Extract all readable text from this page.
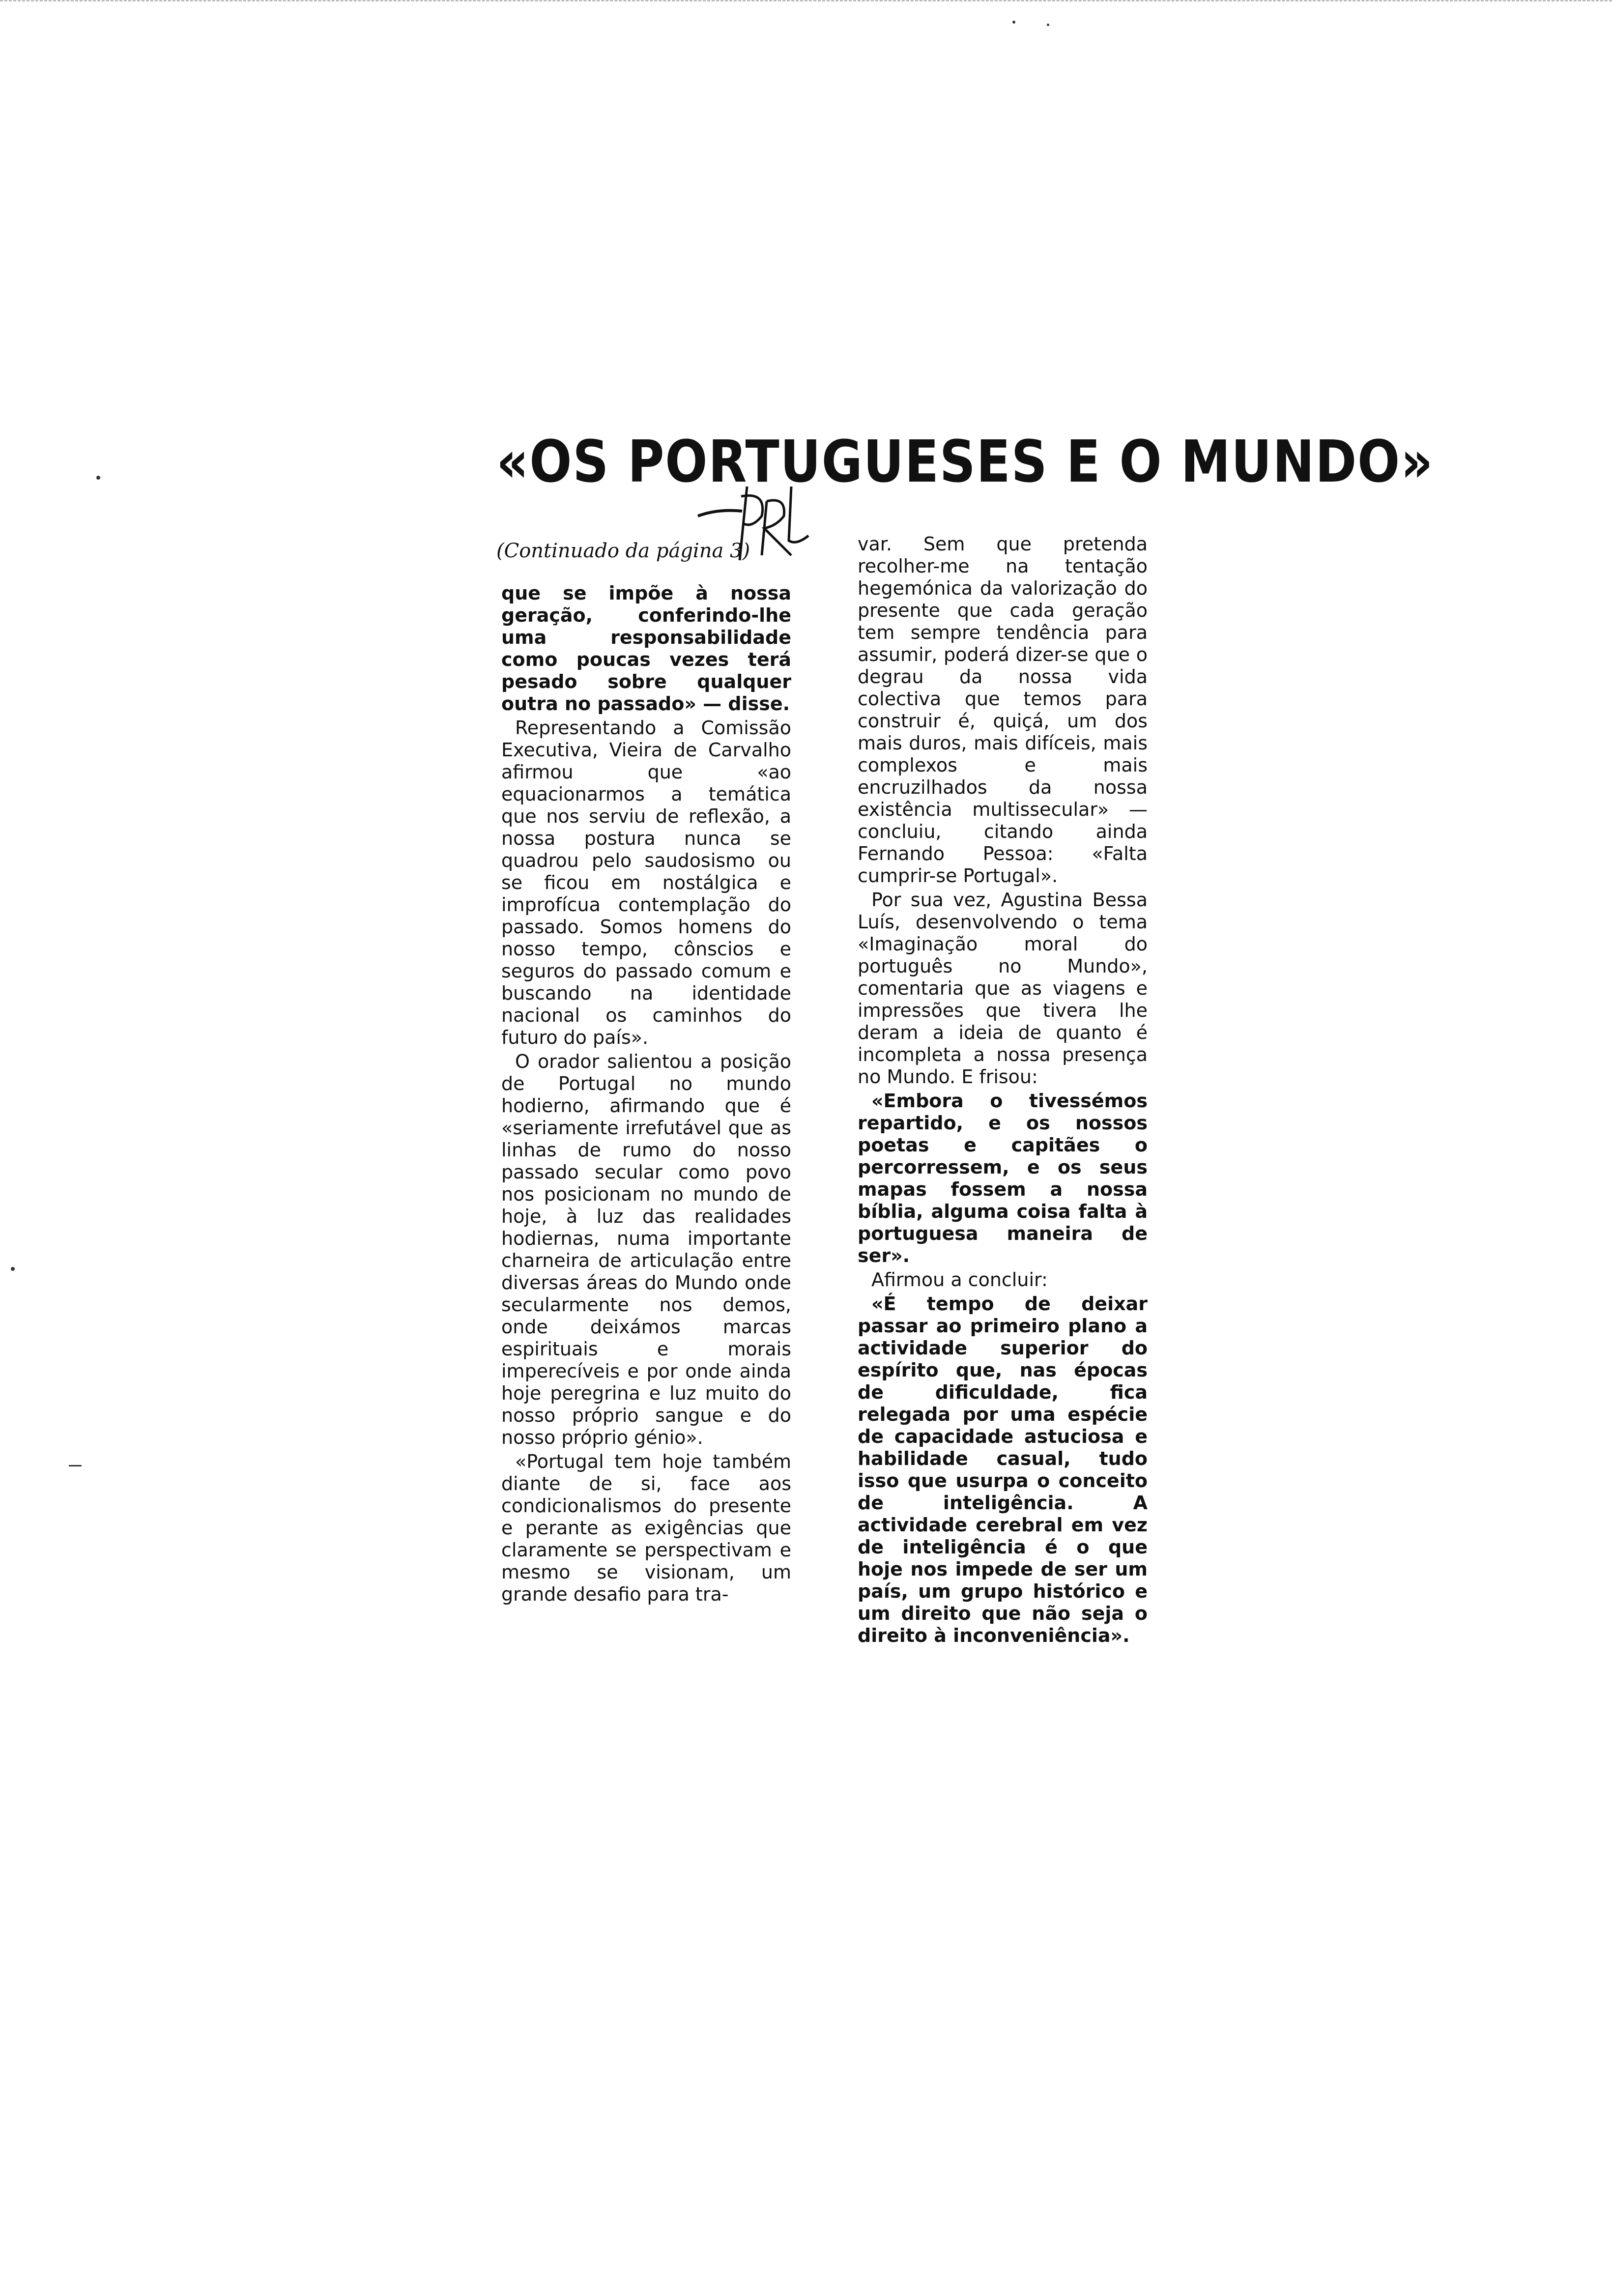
«OS PORTUGUESES E O MUNDO»
(Continuado da página 3)

que se impõe à nossa geração, conferindo-lhe uma responsabilidade como poucas vezes terá pesado sobre qualquer outra no passado» — disse.

Representando a Comissão Executiva, Vieira de Carvalho afirmou que «ao equacionarmos a temática que nos serviu de reflexão, a nossa postura nunca se quadrou pelo saudosismo ou se ficou em nostálgica e improfícua contemplação do passado. Somos homens do nosso tempo, cônscios e seguros do passado comum e buscando na identidade nacional os caminhos do futuro do país».

O orador salientou a posição de Portugal no mundo hodierno, afirmando que é «seriamente irrefutável que as linhas de rumo do nosso passado secular como povo nos posicionam no mundo de hoje, à luz das realidades hodiernas, numa importante charneira de articulação entre diversas áreas do Mundo onde secularmente nos demos, onde deixámos marcas espirituais e morais imperecíveis e por onde ainda hoje peregrina e luz muito do nosso próprio sangue e do nosso próprio génio».

«Portugal tem hoje também diante de si, face aos condicionalismos do presente e perante as exigências que claramente se perspectivam e mesmo se visionam, um grande desafio para tra-

var. Sem que pretenda recolher-me na tentação hegemónica da valorização do presente que cada geração tem sempre tendência para assumir, poderá dizer-se que o degrau da nossa vida colectiva que temos para construir é, quiçá, um dos mais duros, mais difíceis, mais complexos e mais encruzilhados da nossa existência multissecular» — concluiu, citando ainda Fernando Pessoa: «Falta cumprir-se Portugal».

Por sua vez, Agustina Bessa Luís, desenvolvendo o tema «Imaginação moral do português no Mundo», comentaria que as viagens e impressões que tivera lhe deram a ideia de quanto é incompleta a nossa presença no Mundo. E frisou:

«Embora o tivessémos repartido, e os nossos poetas e capitães o percorressem, e os seus mapas fossem a nossa bíblia, alguma coisa falta à portuguesa maneira de ser».

Afirmou a concluir:

«É tempo de deixar passar ao primeiro plano a actividade superior do espírito que, nas épocas de dificuldade, fica relegada por uma espécie de capacidade astuciosa e habilidade casual, tudo isso que usurpa o conceito de inteligência. A actividade cerebral em vez de inteligência é o que hoje nos impede de ser um país, um grupo histórico e um direito que não seja o direito à inconveniência».
